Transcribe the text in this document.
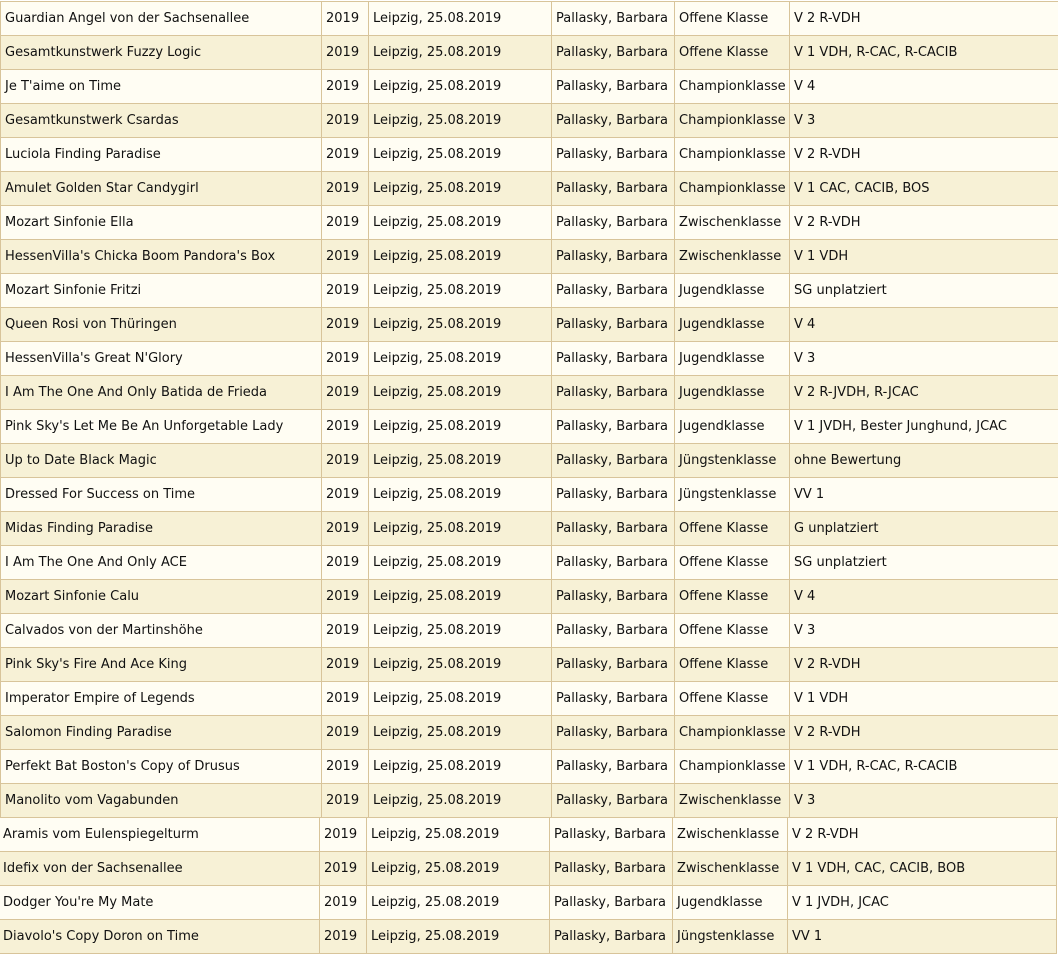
Guardian Angel von der Sachsenallee	2019	Leipzig, 25.08.2019	Pallasky, Barbara	Offene Klasse	V 2 R-VDH
Gesamtkunstwerk Fuzzy Logic	2019	Leipzig, 25.08.2019	Pallasky, Barbara	Offene Klasse	V 1 VDH, R-CAC, R-CACIB
Je T'aime on Time	2019	Leipzig, 25.08.2019	Pallasky, Barbara	Championklasse	V 4
Gesamtkunstwerk Csardas	2019	Leipzig, 25.08.2019	Pallasky, Barbara	Championklasse	V 3
Luciola Finding Paradise	2019	Leipzig, 25.08.2019	Pallasky, Barbara	Championklasse	V 2 R-VDH
Amulet Golden Star Candygirl	2019	Leipzig, 25.08.2019	Pallasky, Barbara	Championklasse	V 1 CAC, CACIB, BOS
Mozart Sinfonie Ella	2019	Leipzig, 25.08.2019	Pallasky, Barbara	Zwischenklasse	V 2 R-VDH
HessenVilla's Chicka Boom Pandora's Box	2019	Leipzig, 25.08.2019	Pallasky, Barbara	Zwischenklasse	V 1 VDH
Mozart Sinfonie Fritzi	2019	Leipzig, 25.08.2019	Pallasky, Barbara	Jugendklasse	SG unplatziert
Queen Rosi von Thüringen	2019	Leipzig, 25.08.2019	Pallasky, Barbara	Jugendklasse	V 4
HessenVilla's Great N'Glory	2019	Leipzig, 25.08.2019	Pallasky, Barbara	Jugendklasse	V 3
I Am The One And Only Batida de Frieda	2019	Leipzig, 25.08.2019	Pallasky, Barbara	Jugendklasse	V 2 R-JVDH, R-JCAC
Pink Sky's Let Me Be An Unforgetable Lady	2019	Leipzig, 25.08.2019	Pallasky, Barbara	Jugendklasse	V 1 JVDH, Bester Junghund, JCAC
Up to Date Black Magic	2019	Leipzig, 25.08.2019	Pallasky, Barbara	Jüngstenklasse	ohne Bewertung
Dressed For Success on Time	2019	Leipzig, 25.08.2019	Pallasky, Barbara	Jüngstenklasse	VV 1
Midas Finding Paradise	2019	Leipzig, 25.08.2019	Pallasky, Barbara	Offene Klasse	G unplatziert
I Am The One And Only ACE	2019	Leipzig, 25.08.2019	Pallasky, Barbara	Offene Klasse	SG unplatziert
Mozart Sinfonie Calu	2019	Leipzig, 25.08.2019	Pallasky, Barbara	Offene Klasse	V 4
Calvados von der Martinshöhe	2019	Leipzig, 25.08.2019	Pallasky, Barbara	Offene Klasse	V 3
Pink Sky's Fire And Ace King	2019	Leipzig, 25.08.2019	Pallasky, Barbara	Offene Klasse	V 2 R-VDH
Imperator Empire of Legends	2019	Leipzig, 25.08.2019	Pallasky, Barbara	Offene Klasse	V 1 VDH
Salomon Finding Paradise	2019	Leipzig, 25.08.2019	Pallasky, Barbara	Championklasse	V 2 R-VDH
Perfekt Bat Boston's Copy of Drusus	2019	Leipzig, 25.08.2019	Pallasky, Barbara	Championklasse	V 1 VDH, R-CAC, R-CACIB
Manolito vom Vagabunden	2019	Leipzig, 25.08.2019	Pallasky, Barbara	Zwischenklasse	V 3
Aramis vom Eulenspiegelturm	2019	Leipzig, 25.08.2019	Pallasky, Barbara	Zwischenklasse	V 2 R-VDH
Idefix von der Sachsenallee	2019	Leipzig, 25.08.2019	Pallasky, Barbara	Zwischenklasse	V 1 VDH, CAC, CACIB, BOB
Dodger You're My Mate	2019	Leipzig, 25.08.2019	Pallasky, Barbara	Jugendklasse	V 1 JVDH, JCAC
Diavolo's Copy Doron on Time	2019	Leipzig, 25.08.2019	Pallasky, Barbara	Jüngstenklasse	VV 1
